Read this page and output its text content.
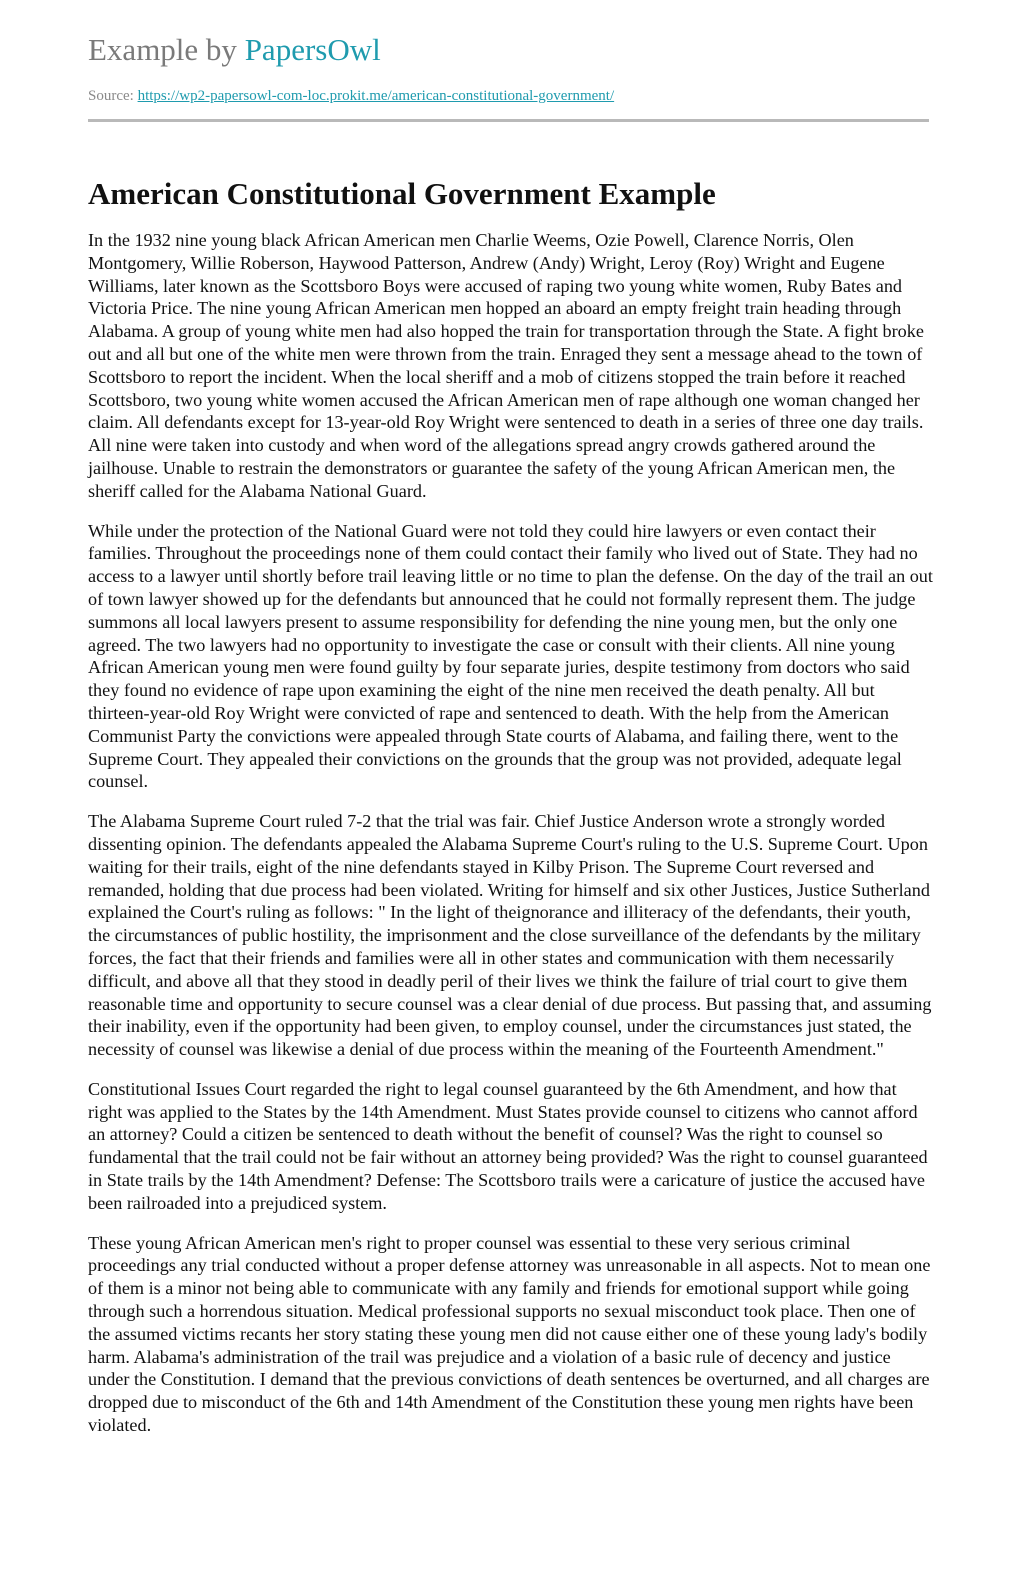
Example by PapersOwl
Source: https://wp2-papersowl-com-loc.prokit.me/american-constitutional-government/
American Constitutional Government Example

In the 1932 nine young black African American men Charlie Weems, Ozie Powell, Clarence Norris, Olen Montgomery, Willie Roberson, Haywood Patterson, Andrew (Andy) Wright, Leroy (Roy) Wright and Eugene Williams, later known as the Scottsboro Boys were accused of raping two young white women, Ruby Bates and Victoria Price. The nine young African American men hopped an aboard an empty freight train heading through Alabama. A group of young white men had also hopped the train for transportation through the State. A fight broke out and all but one of the white men were thrown from the train. Enraged they sent a message ahead to the town of Scottsboro to report the incident. When the local sheriff and a mob of citizens stopped the train before it reached Scottsboro, two young white women accused the African American men of rape although one woman changed her claim. All defendants except for 13-year-old Roy Wright were sentenced to death in a series of three one day trails. All nine were taken into custody and when word of the allegations spread angry crowds gathered around the jailhouse. Unable to restrain the demonstrators or guarantee the safety of the young African American men, the sheriff called for the Alabama National Guard.

While under the protection of the National Guard were not told they could hire lawyers or even contact their families. Throughout the proceedings none of them could contact their family who lived out of State. They had no access to a lawyer until shortly before trail leaving little or no time to plan the defense. On the day of the trail an out of town lawyer showed up for the defendants but announced that he could not formally represent them. The judge summons all local lawyers present to assume responsibility for defending the nine young men, but the only one agreed. The two lawyers had no opportunity to investigate the case or consult with their clients. All nine young African American young men were found guilty by four separate juries, despite testimony from doctors who said they found no evidence of rape upon examining the eight of the nine men received the death penalty. All but thirteen-year-old Roy Wright were convicted of rape and sentenced to death. With the help from the American Communist Party the convictions were appealed through State courts of Alabama, and failing there, went to the Supreme Court. They appealed their convictions on the grounds that the group was not provided, adequate legal counsel.

The Alabama Supreme Court ruled 7-2 that the trial was fair. Chief Justice Anderson wrote a strongly worded dissenting opinion. The defendants appealed the Alabama Supreme Court's ruling to the U.S. Supreme Court. Upon waiting for their trails, eight of the nine defendants stayed in Kilby Prison. The Supreme Court reversed and remanded, holding that due process had been violated. Writing for himself and six other Justices, Justice Sutherland explained the Court's ruling as follows: " In the light of theignorance and illiteracy of the defendants, their youth, the circumstances of public hostility, the imprisonment and the close surveillance of the defendants by the military forces, the fact that their friends and families were all in other states and communication with them necessarily difficult, and above all that they stood in deadly peril of their lives we think the failure of trial court to give them reasonable time and opportunity to secure counsel was a clear denial of due process. But passing that, and assuming their inability, even if the opportunity had been given, to employ counsel, under the circumstances just stated, the necessity of counsel was likewise a denial of due process within the meaning of the Fourteenth Amendment."

Constitutional Issues Court regarded the right to legal counsel guaranteed by the 6th Amendment, and how that right was applied to the States by the 14th Amendment. Must States provide counsel to citizens who cannot afford an attorney? Could a citizen be sentenced to death without the benefit of counsel? Was the right to counsel so fundamental that the trail could not be fair without an attorney being provided? Was the right to counsel guaranteed in State trails by the 14th Amendment? Defense: The Scottsboro trails were a caricature of justice the accused have been railroaded into a prejudiced system.

These young African American men's right to proper counsel was essential to these very serious criminal proceedings any trial conducted without a proper defense attorney was unreasonable in all aspects. Not to mean one of them is a minor not being able to communicate with any family and friends for emotional support while going through such a horrendous situation. Medical professional supports no sexual misconduct took place. Then one of the assumed victims recants her story stating these young men did not cause either one of these young lady's bodily harm. Alabama's administration of the trail was prejudice and a violation of a basic rule of decency and justice under the Constitution. I demand that the previous convictions of death sentences be overturned, and all charges are dropped due to misconduct of the 6th and 14th Amendment of the Constitution these young men rights have been violated.
